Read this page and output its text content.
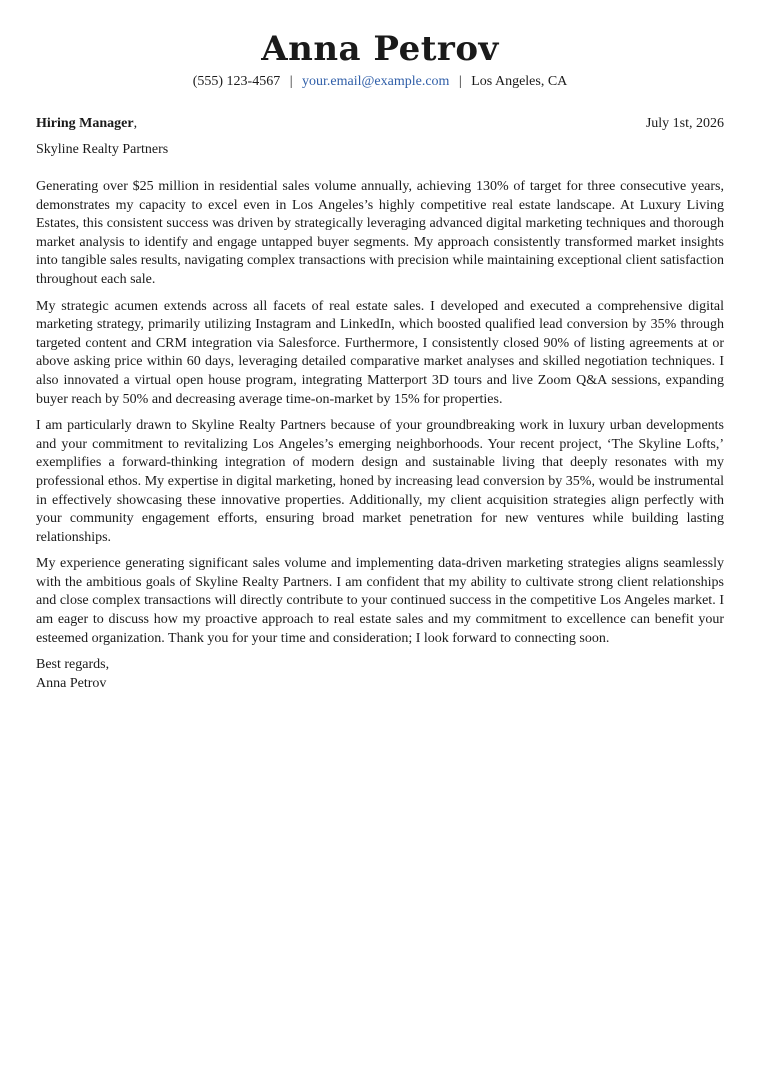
Anna Petrov
(555) 123-4567 | your.email@example.com | Los Angeles, CA
Hiring Manager,	July 1st, 2026
Skyline Realty Partners

Generating over $25 million in residential sales volume annually, achieving 130% of target for three consecutive years, demonstrates my capacity to excel even in Los Angeles’s highly competitive real estate landscape. At Luxury Living Estates, this consistent success was driven by strategically leveraging advanced digital marketing techniques and thorough market analysis to identify and engage untapped buyer segments. My approach consistently transformed market insights into tangible sales results, navigating complex transactions with precision while maintaining exceptional client satisfaction throughout each sale.

My strategic acumen extends across all facets of real estate sales. I developed and executed a comprehensive digital marketing strategy, primarily utilizing Instagram and LinkedIn, which boosted qualified lead conversion by 35% through targeted content and CRM integration via Salesforce. Furthermore, I consistently closed 90% of listing agreements at or above asking price within 60 days, leveraging detailed comparative market analyses and skilled negotiation techniques. I also innovated a virtual open house program, integrating Matterport 3D tours and live Zoom Q&A sessions, expanding buyer reach by 50% and decreasing average time-on-market by 15% for properties.

I am particularly drawn to Skyline Realty Partners because of your groundbreaking work in luxury urban developments and your commitment to revitalizing Los Angeles’s emerging neighborhoods. Your recent project, ‘The Skyline Lofts,’ exemplifies a forward-thinking integration of modern design and sustainable living that deeply resonates with my professional ethos. My expertise in digital marketing, honed by increasing lead conversion by 35%, would be instrumental in effectively showcasing these innovative properties. Additionally, my client acquisition strategies align perfectly with your community engagement efforts, ensuring broad market penetration for new ventures while building lasting relationships.

My experience generating significant sales volume and implementing data-driven marketing strategies aligns seamlessly with the ambitious goals of Skyline Realty Partners. I am confident that my ability to cultivate strong client relationships and close complex transactions will directly contribute to your continued success in the competitive Los Angeles market. I am eager to discuss how my proactive approach to real estate sales and my commitment to excellence can benefit your esteemed organization. Thank you for your time and consideration; I look forward to connecting soon.

Best regards,
Anna Petrov
